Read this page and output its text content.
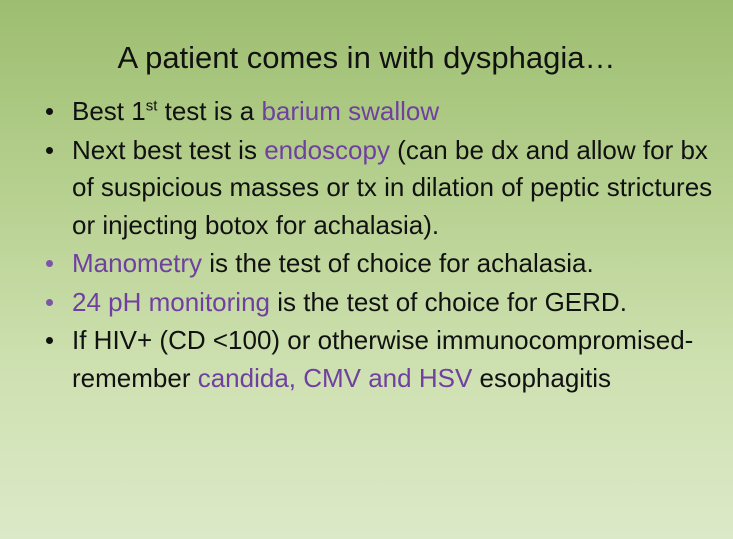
A patient comes in with dysphagia…
Best 1st test is a barium swallow
Next best test is endoscopy (can be dx and allow for bx of suspicious masses or tx in dilation of peptic strictures or injecting botox for achalasia).
Manometry is the test of choice for achalasia.
24 pH monitoring is the test of choice for GERD.
If HIV+ (CD <100) or otherwise immunocompromised- remember candida, CMV and HSV esophagitis
